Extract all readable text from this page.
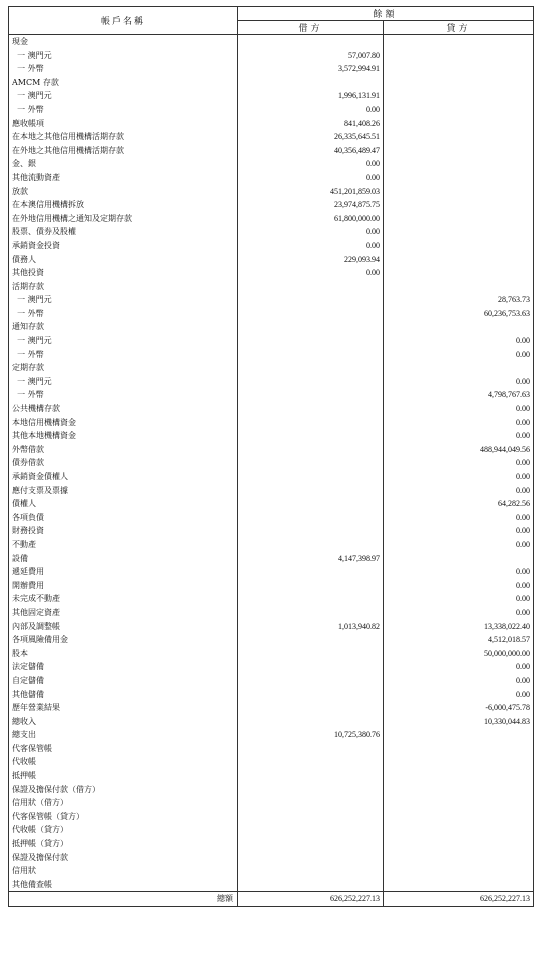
帳戶名稱	餘額	
	借方	貸方
現金		
一 澳門元	57,007.80	
一 外幣	3,572,994.91	
AMCM 存款		
一 澳門元	1,996,131.91	
一 外幣	0.00	
應收帳項	841,408.26	
在本地之其他信用機構活期存款	26,335,645.51	
在外地之其他信用機構活期存款	40,356,489.47	
金、銀	0.00	
其他流動資產	0.00	
放款	451,201,859.03	
在本澳信用機構拆放	23,974,875.75	
在外地信用機構之通知及定期存款	61,800,000.00	
股票、債券及股權	0.00	
承銷資金投資	0.00	
債務人	229,093.94	
其他投資	0.00	
活期存款		
一 澳門元		28,763.73
一 外幣		60,236,753.63
通知存款		
一 澳門元		0.00
一 外幣		0.00
定期存款		
一 澳門元		0.00
一 外幣		4,798,767.63
公共機構存款		0.00
本地信用機構資金		0.00
其他本地機構資金		0.00
外幣借款		488,944,049.56
債券借款		0.00
承銷資金債權人		0.00
應付支票及票據		0.00
債權人		64,282.56
各項負債		0.00
財務投資		0.00
不動產		0.00
設備	4,147,398.97	
遞延費用		0.00
開辦費用		0.00
未完成不動產		0.00
其他固定資產		0.00
內部及調整帳	1,013,940.82	13,338,022.40
各項風險備用金		4,512,018.57
股本		50,000,000.00
法定儲備		0.00
自定儲備		0.00
其他儲備		0.00
歷年營業結果		-6,000,475.78
總收入		10,330,044.83
總支出	10,725,380.76	
代客保管帳		
代收帳		
抵押帳		
保證及擔保付款（借方）		
信用狀（借方）		
代客保管帳（貸方）		
代收帳（貸方）		
抵押帳（貸方）		
保證及擔保付款		
信用狀		
其他備查帳		
總額	626,252,227.13	626,252,227.13
